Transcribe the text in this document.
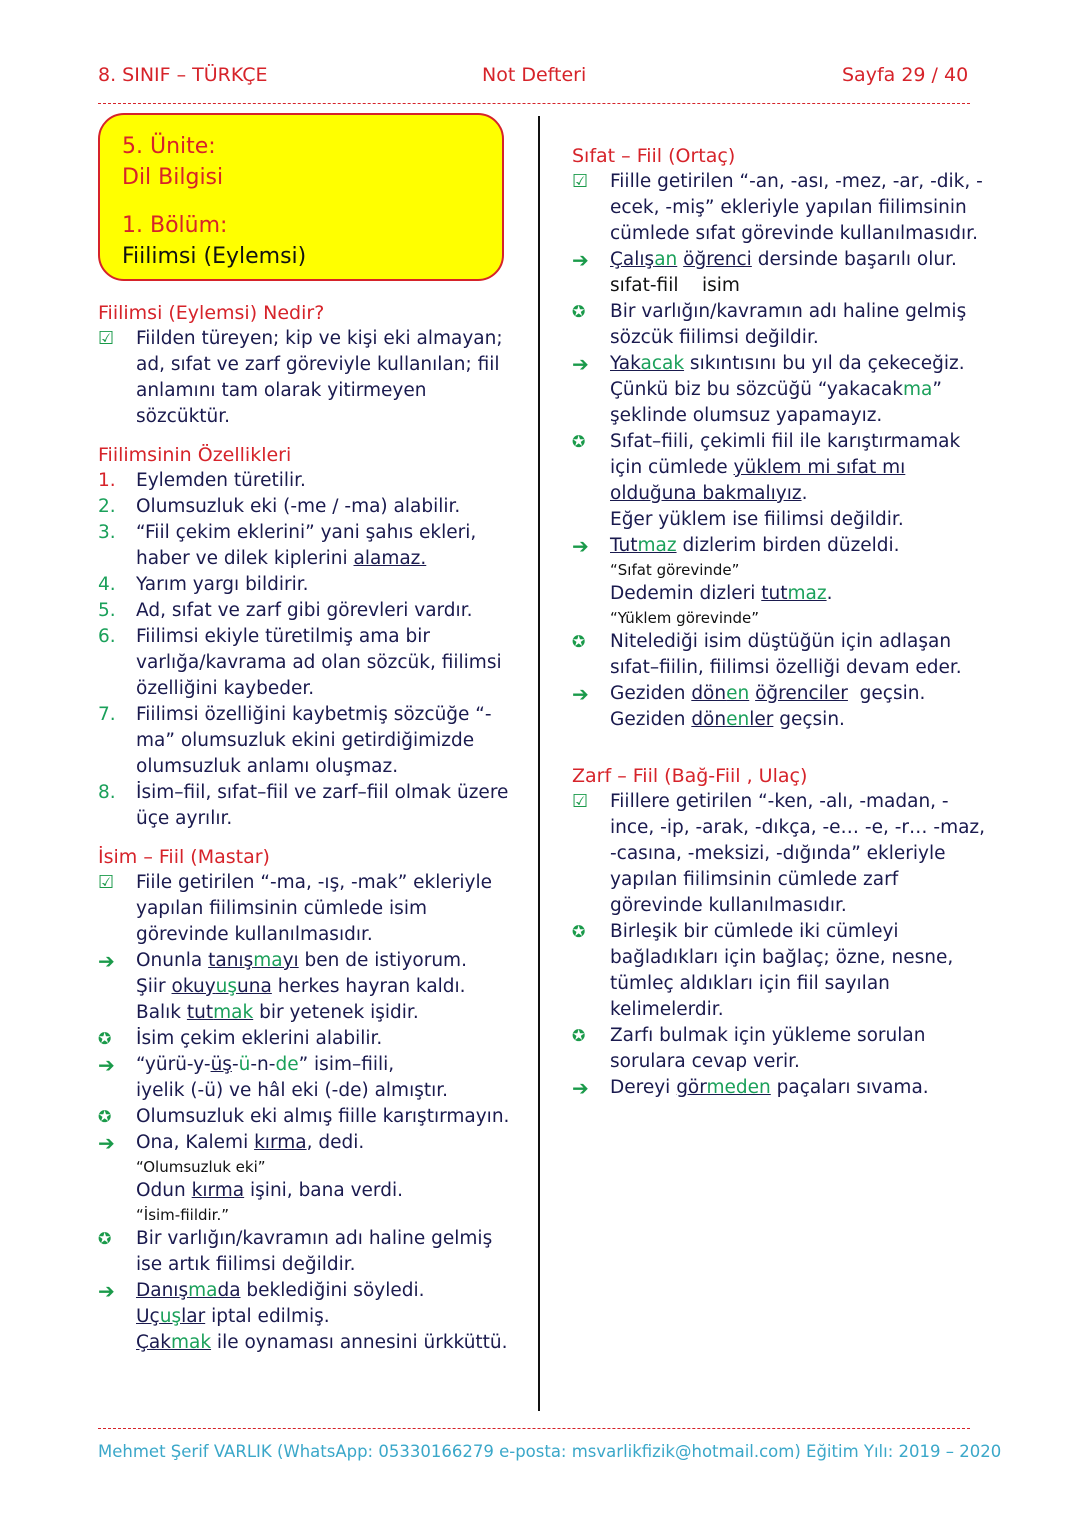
8. SINIF – TÜRKÇE	Not Defteri	Sayfa 29 / 40
5. Ünite:
Dil Bilgisi
1. Bölüm:
Fiilimsi (Eylemsi)
Fiilimsi (Eylemsi) Nedir?
☑	Fiilden türeyen; kip ve kişi eki almayan; ad, sıfat ve zarf göreviyle kullanılan; fiil anlamını tam olarak yitirmeyen sözcüktür.
Fiilimsinin Özellikleri
1.	Eylemden türetilir.
2.	Olumsuzluk eki (-me / -ma) alabilir.
3.	“Fiil çekim eklerini” yani şahıs ekleri, haber ve dilek kiplerini alamaz.
4.	Yarım yargı bildirir.
5.	Ad, sıfat ve zarf gibi görevleri vardır.
6.	Fiilimsi ekiyle türetilmiş ama bir varlığa/kavrama ad olan sözcük, fiilimsi özelliğini kaybeder.
7.	Fiilimsi özelliğini kaybetmiş sözcüğe “-ma” olumsuzluk ekini getirdiğimizde olumsuzluk anlamı oluşmaz.
8.	İsim–fiil, sıfat–fiil ve zarf–fiil olmak üzere üçe ayrılır.
İsim – Fiil (Mastar)
☑	Fiile getirilen “-ma, -ış, -mak” ekleriyle yapılan fiilimsinin cümlede isim görevinde kullanılmasıdır.
➔	Onunla tanışmayı ben de istiyorum.
Şiir okuyuşuna herkes hayran kaldı.
Balık tutmak bir yetenek işidir.
✪	İsim çekim eklerini alabilir.
➔	“yürü-y-üş-ü-n-de” isim–fiili,
iyelik (-ü) ve hâl eki (-de) almıştır.
✪	Olumsuzluk eki almış fiille karıştırmayın.
➔	Ona, Kalemi kırma, dedi.
“Olumsuzluk eki”
Odun kırma işini, bana verdi.
“İsim-fiildir.”
✪	Bir varlığın/kavramın adı haline gelmiş ise artık fiilimsi değildir.
➔	Danışmada beklediğini söyledi.
Uçuşlar iptal edilmiş.
Çakmak ile oynaması annesini ürkküttü.
Sıfat – Fiil (Ortaç)
☑	Fiille getirilen “-an, -ası, -mez, -ar, -dik, -ecek, -miş” ekleriyle yapılan fiilimsinin cümlede sıfat görevinde kullanılmasıdır.
➔	Çalışan öğrenci dersinde başarılı olur.
sıfat-fiil    isim
✪	Bir varlığın/kavramın adı haline gelmiş sözcük fiilimsi değildir.
➔	Yakacak sıkıntısını bu yıl da çekeceğiz.
Çünkü biz bu sözcüğü “yakacakma” şeklinde olumsuz yapamayız.
✪	Sıfat–fiili, çekimli fiil ile karıştırmamak için cümlede yüklem mi sıfat mı olduğuna bakmalıyız.
Eğer yüklem ise fiilimsi değildir.
➔	Tutmaz dizlerim birden düzeldi.
“Sıfat görevinde”
Dedemin dizleri tutmaz.
“Yüklem görevinde”
✪	Nitelediği isim düştüğün için adlaşan sıfat–fiilin, fiilimsi özelliği devam eder.
➔	Geziden dönen öğrenciler  geçsin.
Geziden dönenler geçsin.
Zarf – Fiil (Bağ-Fiil , Ulaç)
☑	Fiillere getirilen “-ken, -alı, -madan, -ince, -ip, -arak, -dıkça, -e… -e, -r… -maz, -casına, -meksizi, -dığında” ekleriyle yapılan fiilimsinin cümlede zarf görevinde kullanılmasıdır.
✪	Birleşik bir cümlede iki cümleyi bağladıkları için bağlaç; özne, nesne, tümleç aldıkları için fiil sayılan kelimelerdir.
✪	Zarfı bulmak için yükleme sorulan sorulara cevap verir.
➔	Dereyi görmeden paçaları sıvama.
Mehmet Şerif VARLIK (WhatsApp: 05330166279 e-posta: msvarlikfizik@hotmail.com) Eğitim Yılı: 2019 – 2020
